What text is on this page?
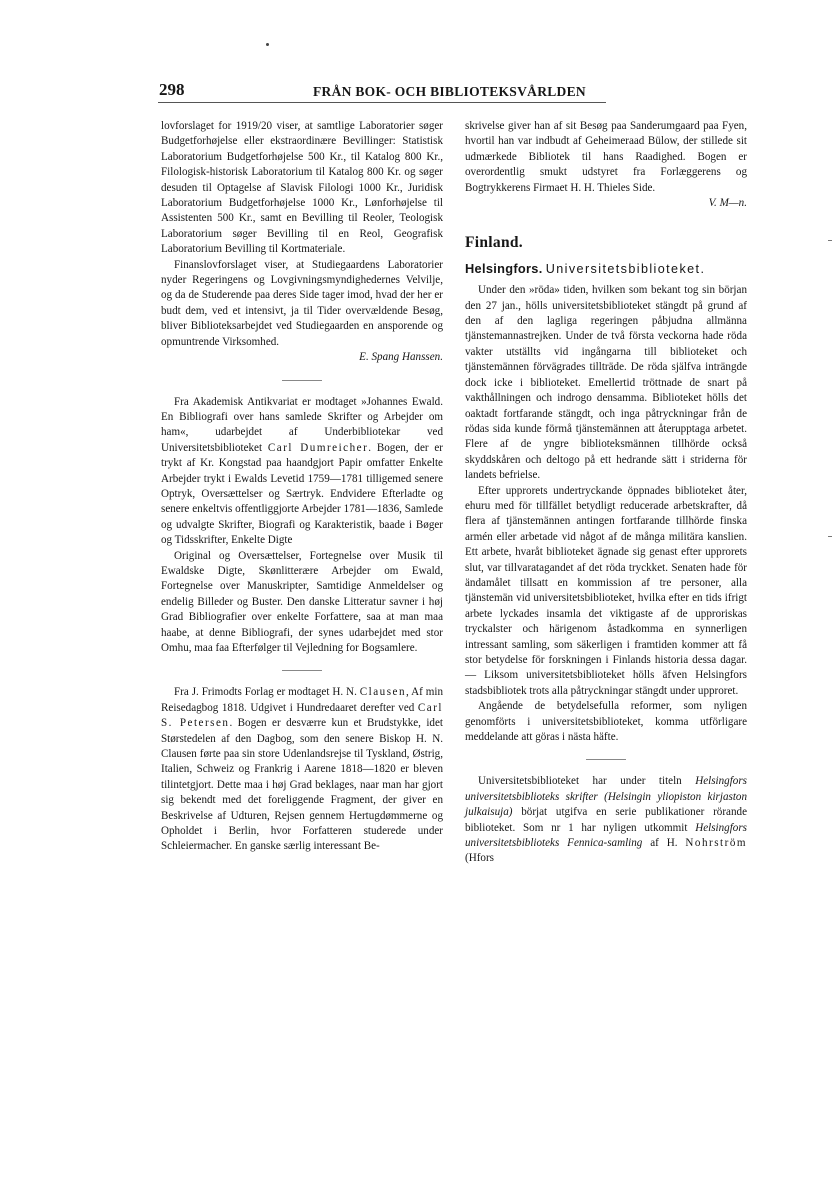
298	FRÅN BOK- OCH BIBLIOTEKSVÅRLDEN

lovforslaget for 1919/20 viser, at samtlige Laboratorier søger Budgetforhøjelse eller ekstraordinære Bevillinger: Statistisk Laboratorium Budgetforhøjelse 500 Kr., til Katalog 800 Kr., Filologisk-historisk Laboratorium til Katalog 800 Kr. og søger desuden til Optagelse af Slavisk Filologi 1000 Kr., Juridisk Laboratorium Budgetforhøjelse 1000 Kr., Lønforhøjelse til Assistenten 500 Kr., samt en Bevilling til Reoler, Teologisk Laboratorium søger Bevilling til en Reol, Geografisk Laboratorium Bevilling til Kortmateriale.

Finanslovforslaget viser, at Studiegaardens Laboratorier nyder Regeringens og Lovgivningsmyndighedernes Velvilje, og da de Studerende paa deres Side tager imod, hvad der her er budt dem, ved et intensivt, ja til Tider overvældende Besøg, bliver Biblioteksarbejdet ved Studiegaarden en ansporende og opmuntrende Virksomhed.

E. Spang Hanssen.

Fra Akademisk Antikvariat er modtaget »Johannes Ewald. En Bibliografi over hans samlede Skrifter og Arbejder om ham«, udarbejdet af Underbibliotekar ved Universitetsbiblioteket Carl Dumreicher. Bogen, der er trykt af Kr. Kongstad paa haandgjort Papir omfatter Enkelte Arbejder trykt i Ewalds Levetid 1759—1781 tilligemed senere Optryk, Oversættelser og Særtryk. Endvidere Efterladte og senere enkeltvis offentliggjorte Arbejder 1781—1836, Samlede og udvalgte Skrifter, Biografi og Karakteristik, baade i Bøger og Tidsskrifter, Enkelte Digte

Original og Oversættelser, Fortegnelse over Musik til Ewaldske Digte, Skønlitterære Arbejder om Ewald, Fortegnelse over Manuskripter, Samtidige Anmeldelser og endelig Billeder og Buster. Den danske Litteratur savner i høj Grad Bibliografier over enkelte Forfattere, saa at man maa haabe, at denne Bibliografi, der synes udarbejdet med stor Omhu, maa faa Efterfølger til Vejledning for Bogsamlere.

Fra J. Frimodts Forlag er modtaget H. N. Clausen, Af min Reisedagbog 1818. Udgivet i Hundredaaret derefter ved Carl S. Petersen. Bogen er desværre kun et Brudstykke, idet Størstedelen af den Dagbog, som den senere Biskop H. N. Clausen førte paa sin store Udenlandsrejse til Tyskland, Østrig, Italien, Schweiz og Frankrig i Aarene 1818—1820 er bleven tilintetgjort. Dette maa i høj Grad beklages, naar man har gjort sig bekendt med det foreliggende Fragment, der giver en Beskrivelse af Udturen, Rejsen gennem Hertugdømmerne og Opholdet i Berlin, hvor Forfatteren studerede under Schleiermacher. En ganske særlig interessant Be-

skrivelse giver han af sit Besøg paa Sanderumgaard paa Fyen, hvortil han var indbudt af Geheimeraad Bülow, der stillede sit udmærkede Bibliotek til hans Raadighed. Bogen er overordentlig smukt udstyret fra Forlæggerens og Bogtrykkerens Firmaet H. H. Thieles Side.

V. M—n.

Finland.
Helsingfors. Universitetsbiblioteket.

Under den »röda» tiden, hvilken som bekant tog sin början den 27 jan., hölls universitetsbiblioteket stängdt på grund af den af den lagliga regeringen påbjudna allmänna tjänstemannastrejken. Under de två första veckorna hade röda vakter utställts vid ingångarna till biblioteket och tjänstemännen förvägrades tillträde. De röda själfva inträngde dock icke i biblioteket. Emellertid tröttnade de snart på vakthållningen och indrogo densamma. Biblioteket hölls det oaktadt fortfarande stängdt, och inga påtryckningar från de rödas sida kunde förmå tjänstemännen att återupptaga arbetet. Flere af de yngre biblioteksmännen tillhörde också skyddskåren och deltogo på ett hedrande sätt i striderna för landets befrielse.

Efter upprorets undertryckande öppnades biblioteket åter, ehuru med för tillfället betydligt reducerade arbetskrafter, då flera af tjänstemännen antingen fortfarande tillhörde finska armén eller arbetade vid något af de många militära kanslien. Ett arbete, hvaråt biblioteket ägnade sig genast efter upprorets slut, var tillvaratagandet af det röda tryckket. Senaten hade för ändamålet tillsatt en kommission af tre personer, alla tjänstemän vid universitetsbiblioteket, hvilka efter en tids ifrigt arbete lyckades insamla det viktigaste af de upproriskas tryckalster och härigenom åstadkomma en synnerligen intressant samling, som säkerligen i framtiden kommer att få stor betydelse för forskningen i Finlands historia dessa dagar. — Liksom universitetsbiblioteket hölls äfven Helsingfors stadsbibliotek trots alla påtryckningar stängdt under upproret.

Angående de betydelsefulla reformer, som nyligen genomförts i universitetsbiblioteket, komma utförligare meddelande att göras i nästa häfte.

Universitetsbiblioteket har under titeln Helsingfors universitetsbiblioteks skrifter (Helsingin yliopiston kirjaston julkaisuja) börjat utgifva en serie publikationer rörande biblioteket. Som nr 1 har nyligen utkommit Helsingfors universitetsbiblioteks Fennica-samling af H. Nohrström (Hfors
